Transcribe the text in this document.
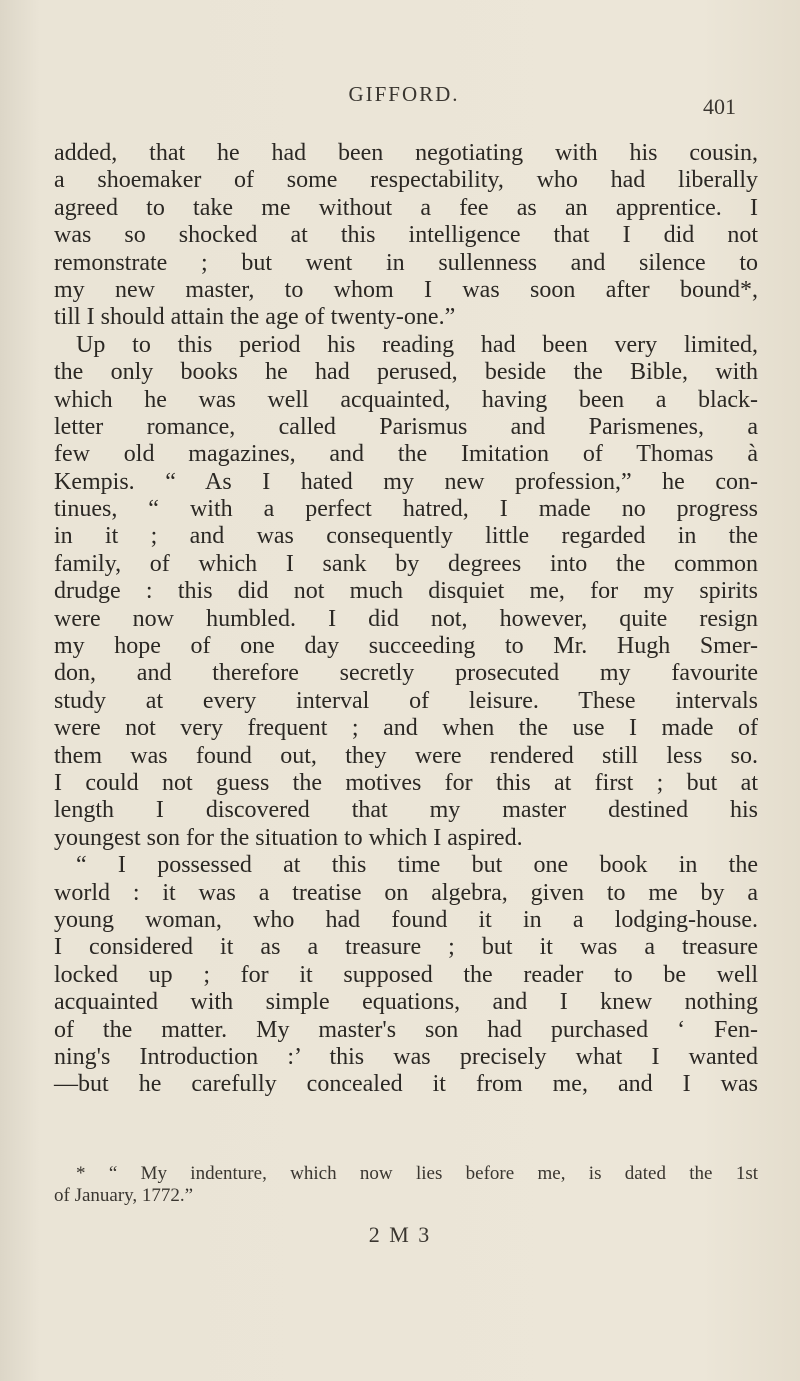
GIFFORD.	401
added, that he had been negotiating with his cousin,
a shoemaker of some respectability, who had liberally
agreed to take me without a fee as an apprentice. I
was so shocked at this intelligence that I did not
remonstrate ; but went in sullenness and silence to
my new master, to whom I was soon after bound*,
till I should attain the age of twenty-one.”
Up to this period his reading had been very limited,
the only books he had perused, beside the Bible, with
which he was well acquainted, having been a black-
letter romance, called Parismus and Parismenes, a
few old magazines, and the Imitation of Thomas à
Kempis. “ As I hated my new profession,” he con-
tinues, “ with a perfect hatred, I made no progress
in it ; and was consequently little regarded in the
family, of which I sank by degrees into the common
drudge : this did not much disquiet me, for my spirits
were now humbled. I did not, however, quite resign
my hope of one day succeeding to Mr. Hugh Smer-
don, and therefore secretly prosecuted my favourite
study at every interval of leisure. These intervals
were not very frequent ; and when the use I made of
them was found out, they were rendered still less so.
I could not guess the motives for this at first ; but at
length I discovered that my master destined his
youngest son for the situation to which I aspired.
“ I possessed at this time but one book in the
world : it was a treatise on algebra, given to me by a
young woman, who had found it in a lodging-house.
I considered it as a treasure ; but it was a treasure
locked up ; for it supposed the reader to be well
acquainted with simple equations, and I knew nothing
of the matter. My master's son had purchased ‘ Fen-
ning's Introduction :’ this was precisely what I wanted
—but he carefully concealed it from me, and I was
* “ My indenture, which now lies before me, is dated the 1st
of January, 1772.”
2 M 3
